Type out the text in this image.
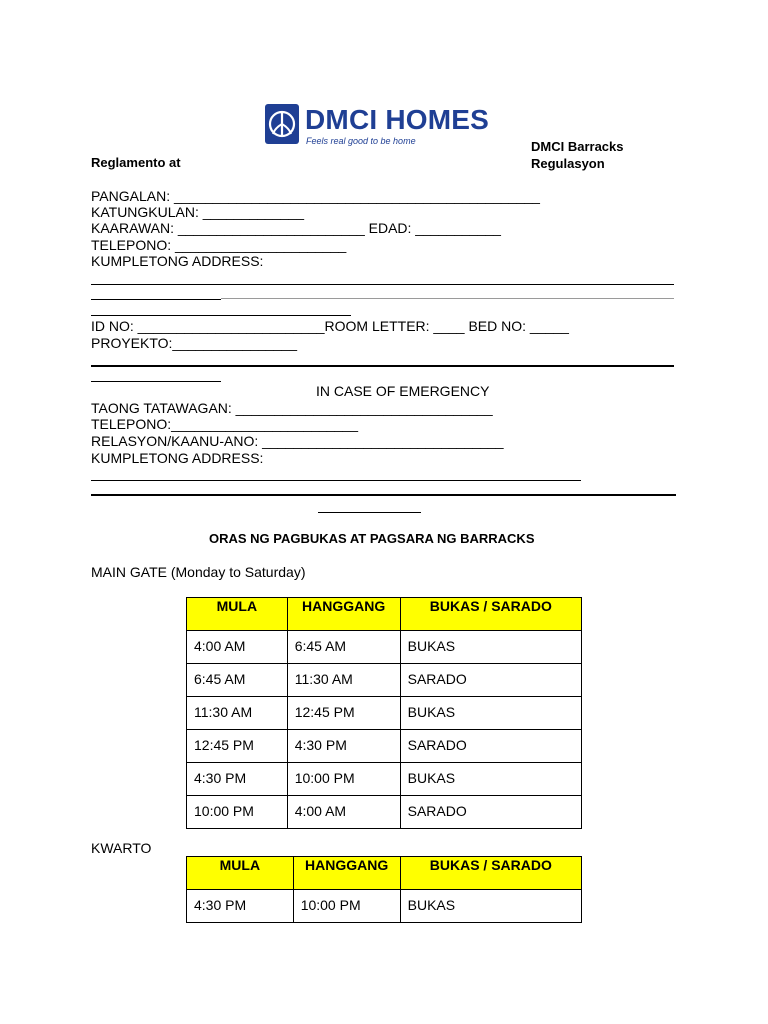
DMCI HOMES
Feels real good to be home
Reglamento at
DMCI Barracks
Regulasyon
PANGALAN: _______________________________________________
KATUNGKULAN: _____________
KAARAWAN: ________________________ EDAD: ___________
TELEPONO: ______________________
KUMPLETONG ADDRESS:
ID NO: ________________________ROOM LETTER: ____ BED NO: _____
PROYEKTO:________________
IN CASE OF EMERGENCY
TAONG TATAWAGAN: _________________________________
TELEPONO:________________________
RELASYON/KAANU-ANO: _______________________________
KUMPLETONG ADDRESS:
ORAS NG PAGBUKAS AT PAGSARA NG BARRACKS
MAIN GATE (Monday to Saturday)
MULA	HANGGANG	BUKAS / SARADO

4:00 AM	6:45 AM	BUKAS
6:45 AM	11:30 AM	SARADO
11:30 AM	12:45 PM	BUKAS
12:45 PM	4:30 PM	SARADO
4:30 PM	10:00 PM	BUKAS
10:00 PM	4:00 AM	SARADO
KWARTO
MULA	HANGGANG	BUKAS / SARADO

4:30 PM	10:00 PM	BUKAS
